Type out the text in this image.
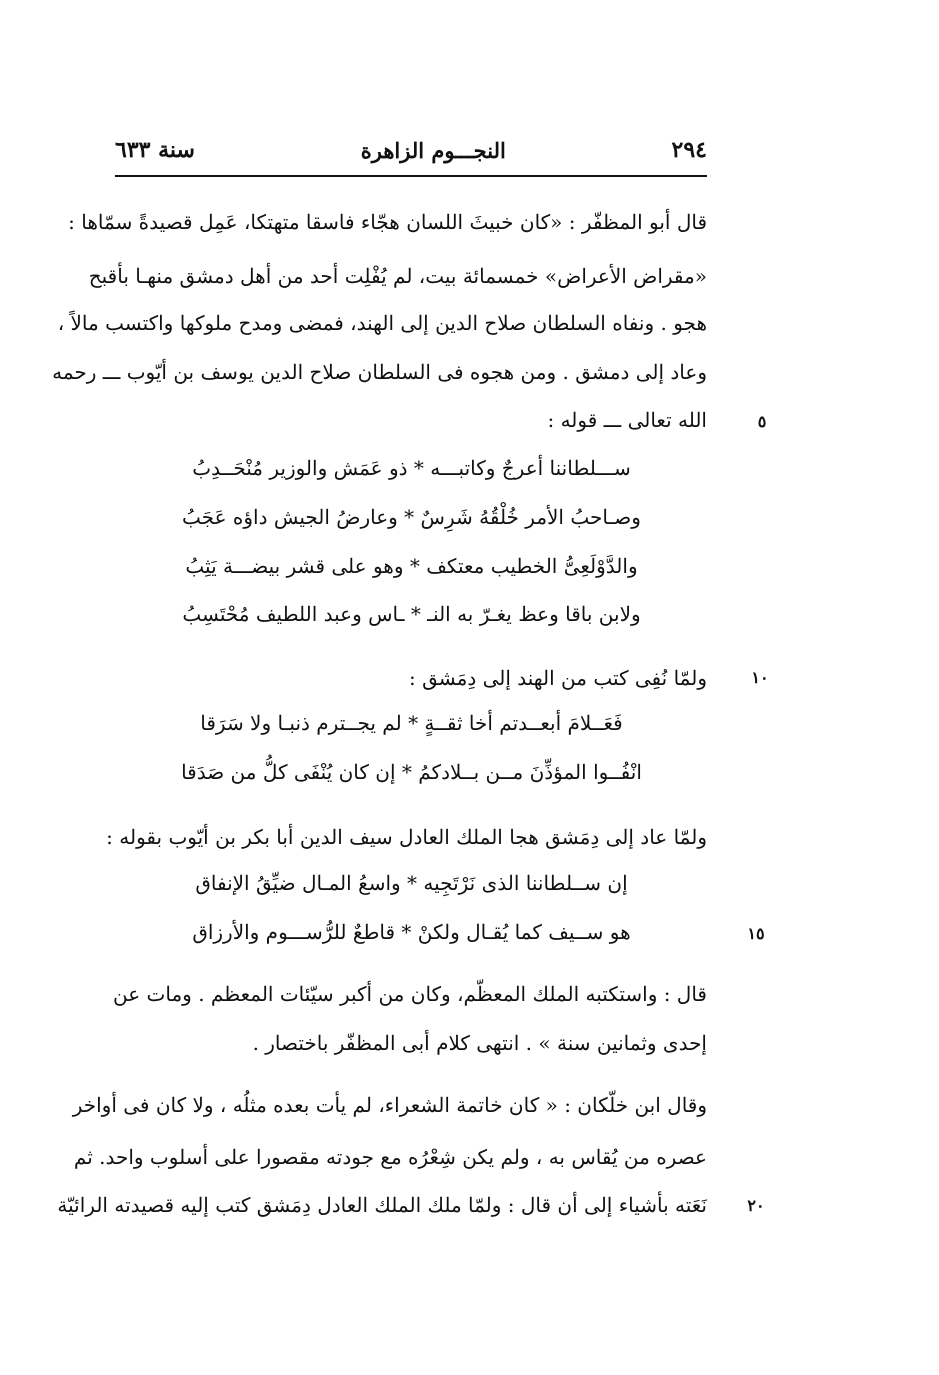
سنة ٦٣٣	النجـــوم الزاهرة	٢٩٤
قال أبو المظفّر : «كان خبيثَ اللسان هجّاء فاسقا متهتكا، عَمِل قصيدةً سمّاها :
«مقراض الأعراض» خمسمائة بيت، لم يُفْلِت أحد من أهل دمشق منهـا بأقبح
هجو . ونفاه السلطان صلاح الدين إلى الهند، فمضى ومدح ملوكها واكتسب مالاً ،
وعاد إلى دمشق . ومن هجوه فى السلطان صلاح الدين يوسف بن أيّوب ـــ رحمه
الله تعالى ـــ قوله :	٥
ســـلطاننا أعرجٌ وكاتبـــه * ذو عَمَش والوزير مُنْحَــدِبُ
وصـاحبُ الأمر خُلْقُهُ شَرِسٌ * وعارضُ الجيش داؤه عَجَبُ
والدَّوْلَعِىُّ الخطيب معتكف * وهو على قشر بيضـــة يَثِبُ
ولابن باقا وعظ يغـرّ به النـ * ـاس وعبد اللطيف مُحْتَسِبُ
ولمّا نُفِى كتب من الهند إلى دِمَشق :	١٠
فَعَــلامَ أبعــدتم أخا ثقــةٍ * لم يجــترم ذنبـا ولا سَرَقا
انْفُــوا المؤذِّنَ مــن بــلادكمُ * إن كان يُنْفَى كلُّ من صَدَقا
ولمّا عاد إلى دِمَشق هجا الملك العادل سيف الدين أبا بكر بن أيّوب بقوله :
إن ســلطاننا الذى نَرْتَجِيه * واسعُ المـال ضيِّقُ الإنفاق
هو ســيف كما يُقـال ولكنْ * قاطعٌ للرُّســـوم والأرزاق	١٥
قال : واستكتبه الملك المعظّم، وكان من أكبر سيّئات المعظم . ومات عن
إحدى وثمانين سنة » . انتهى كلام أبى المظفّر باختصار .
وقال ابن خلّكان : « كان خاتمة الشعراء، لم يأت بعده مثلُه ، ولا كان فى أواخر
عصره من يُقاس به ، ولم يكن شِعْرُه مع جودته مقصورا على أسلوب واحد. ثم
نَعَته بأشياء إلى أن قال : ولمّا ملك الملك العادل دِمَشق كتب إليه قصيدته الرائيّة	٢٠
